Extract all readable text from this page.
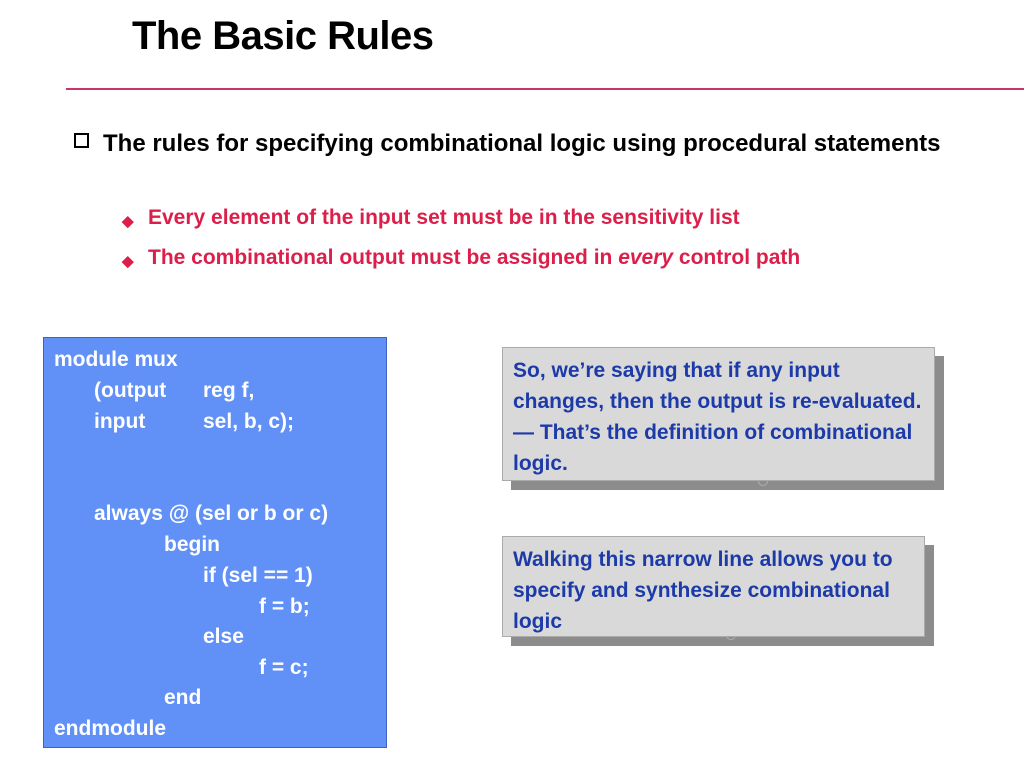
The Basic Rules
The rules for specifying combinational logic using procedural statements
◆ Every element of the input set must be in the sensitivity list
◆ The combinational output must be assigned in every control path
module mux
(output reg f,
input	sel, b, c);
always @ (sel or b or c)
begin
if (sel == 1)
f = b;
else
f = c;
end
endmodule
So, we’re saying that if any input changes, then the output is re-evaluated. — That’s the definition of combinational logic.
Walking this narrow line allows you to specify and synthesize combinational logic
